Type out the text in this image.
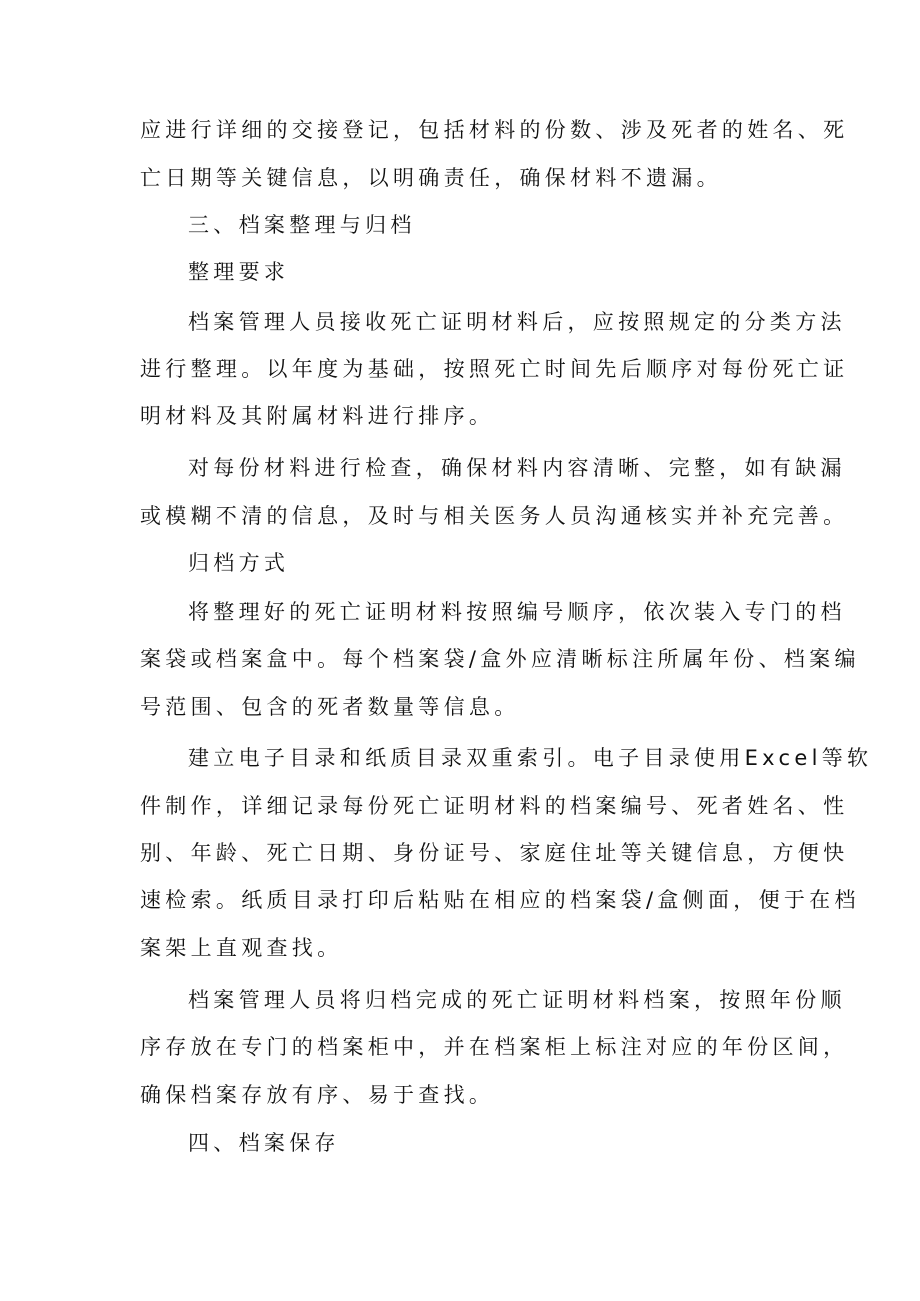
应进行详细的交接登记，包括材料的份数、涉及死者的姓名、死
亡日期等关键信息，以明确责任，确保材料不遗漏。
三、档案整理与归档
整理要求
档案管理人员接收死亡证明材料后，应按照规定的分类方法
进行整理。以年度为基础，按照死亡时间先后顺序对每份死亡证
明材料及其附属材料进行排序。
对每份材料进行检查，确保材料内容清晰、完整，如有缺漏
或模糊不清的信息，及时与相关医务人员沟通核实并补充完善。
归档方式
将整理好的死亡证明材料按照编号顺序，依次装入专门的档
案袋或档案盒中。每个档案袋/盒外应清晰标注所属年份、档案编
号范围、包含的死者数量等信息。
建立电子目录和纸质目录双重索引。电子目录使用Excel等软
件制作，详细记录每份死亡证明材料的档案编号、死者姓名、性
别、年龄、死亡日期、身份证号、家庭住址等关键信息，方便快
速检索。纸质目录打印后粘贴在相应的档案袋/盒侧面，便于在档
案架上直观查找。
档案管理人员将归档完成的死亡证明材料档案，按照年份顺
序存放在专门的档案柜中，并在档案柜上标注对应的年份区间，
确保档案存放有序、易于查找。
四、档案保存
